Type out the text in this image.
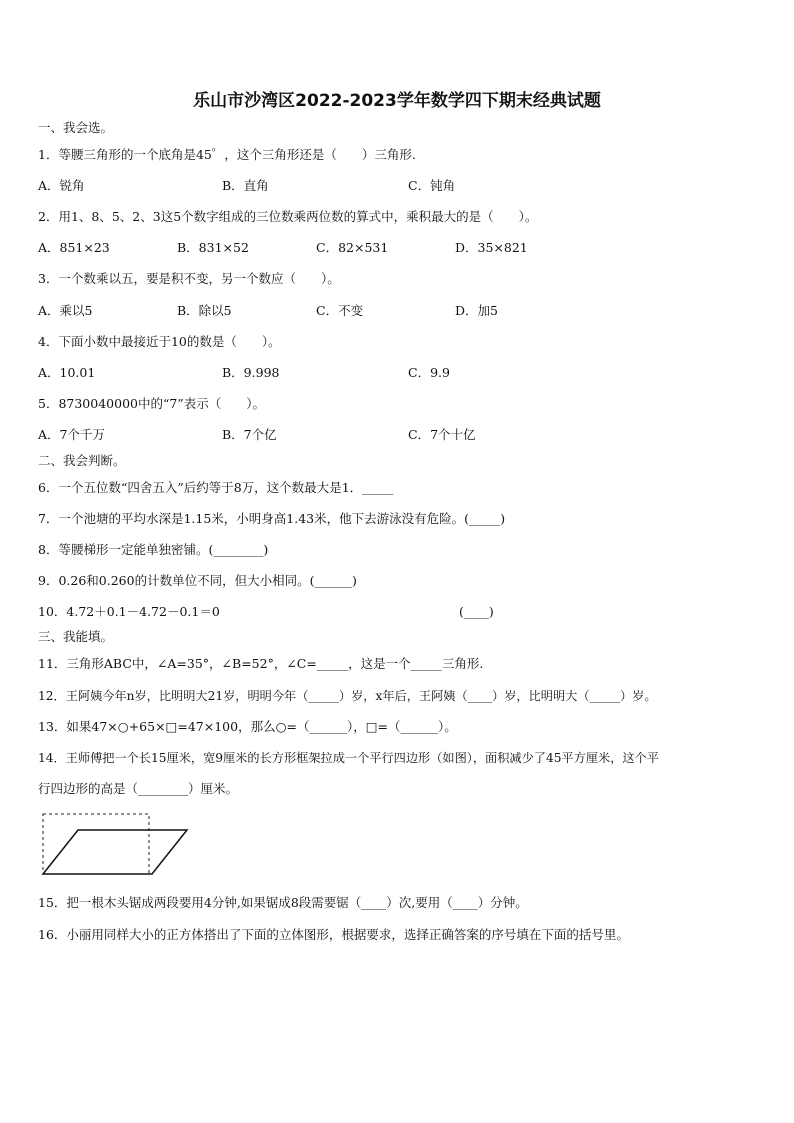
乐山市沙湾区2022-2023学年数学四下期末经典试题
一、我会选。
1．等腰三角形的一个底角是45゜，这个三角形还是（　　）三角形.
A．锐角	B．直角	C．钝角
2．用1、8、5、2、3这5个数字组成的三位数乘两位数的算式中，乘积最大的是（　　）。
A．851×23	B．831×52	C．82×531	D．35×821
3．一个数乘以五，要是积不变，另一个数应（　　）。
A．乘以5	B．除以5	C．不变	D．加5
4．下面小数中最接近于10的数是（　　）。
A．10.01	B．9.998	C．9.9
5．8730040000中的“7”表示（　　）。
A．7个千万	B．7个亿	C．7个十亿
二、我会判断。
6．一个五位数“四舍五入”后约等于8万，这个数最大是1．_____
7．一个池塘的平均水深是1.15米，小明身高1.43米，他下去游泳没有危险。(_____)
8．等腰梯形一定能单独密铺。(________)
9．0.26和0.260的计数单位不同，但大小相同。(______)
10．4.72＋0.1－4.72－0.1＝0	(____)
三、我能填。
11．三角形ABC中，∠A=35°，∠B=52°，∠C=_____，这是一个_____三角形.
12．王阿姨今年n岁，比明明大21岁，明明今年（_____）岁，x年后，王阿姨（____）岁，比明明大（_____）岁。
13．如果47×○+65×□=47×100，那么○=（______），□=（______）。
14．王师傅把一个长15厘米，宽9厘米的长方形框架拉成一个平行四边形（如图），面积减少了45平方厘米，这个平
行四边形的高是（________）厘米。
15．把一根木头锯成两段要用4分钟,如果锯成8段需要锯（____）次,要用（____）分钟。
16．小丽用同样大小的正方体搭出了下面的立体图形，根据要求，选择正确答案的序号填在下面的括号里。
